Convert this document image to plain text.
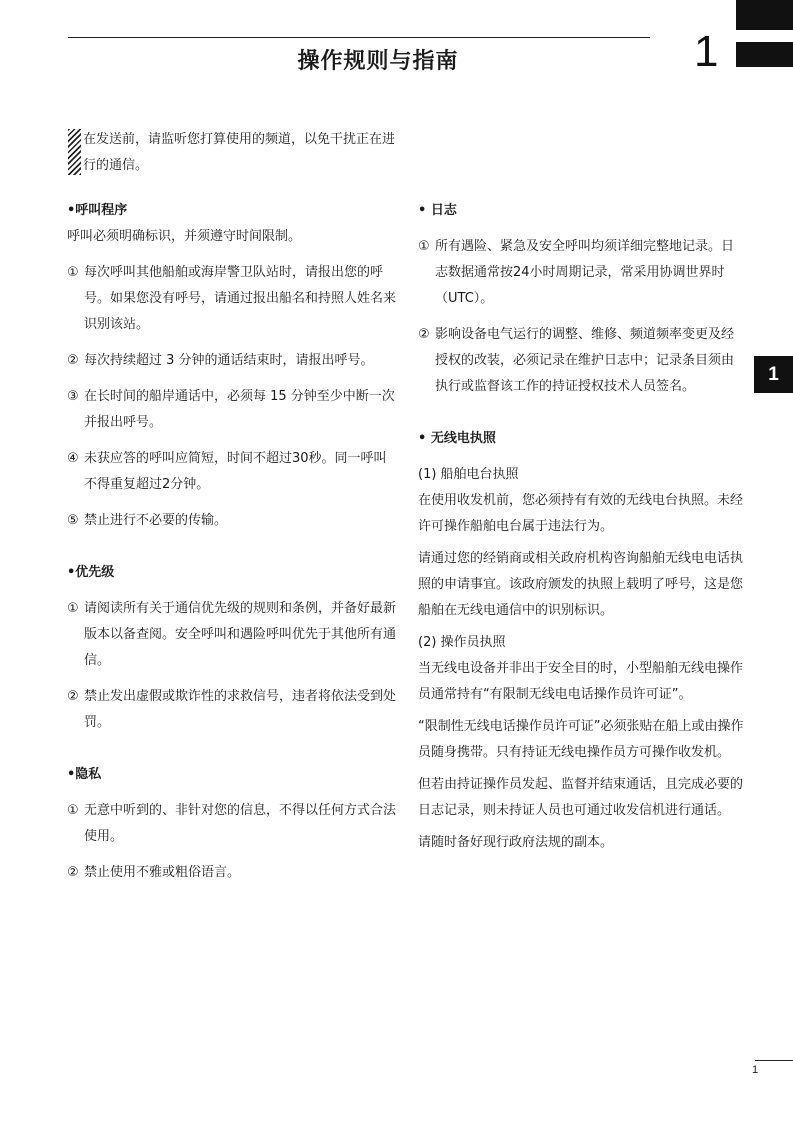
操作规则与指南	1
1
在发送前，请监听您打算使用的频道，以免干扰正在进行的通信。
•呼叫程序

呼叫必须明确标识，并须遵守时间限制。

① 每次呼叫其他船舶或海岸警卫队站时，请报出您的呼号。如果您没有呼号，请通过报出船名和持照人姓名来识别该站。
② 每次持续超过 3 分钟的通话结束时，请报出呼号。
③ 在长时间的船岸通话中，必须每 15 分钟至少中断一次并报出呼号。
④ 未获应答的呼叫应简短，时间不超过30秒。同一呼叫不得重复超过2分钟。
⑤ 禁止进行不必要的传输。
•优先级
① 请阅读所有关于通信优先级的规则和条例，并备好最新版本以备查阅。安全呼叫和遇险呼叫优先于其他所有通信。
② 禁止发出虚假或欺诈性的求救信号，违者将依法受到处罚。
•隐私
① 无意中听到的、非针对您的信息，不得以任何方式合法使用。
② 禁止使用不雅或粗俗语言。
• 日志
① 所有遇险、紧急及安全呼叫均须详细完整地记录。日志数据通常按24小时周期记录，常采用协调世界时（UTC）。
② 影响设备电气运行的调整、维修、频道频率变更及经授权的改装，必须记录在维护日志中；记录条目须由执行或监督该工作的持证授权技术人员签名。
• 无线电执照
(1) 船舶电台执照

在使用收发机前，您必须持有有效的无线电台执照。未经许可操作船舶电台属于违法行为。

请通过您的经销商或相关政府机构咨询船舶无线电电话执照的申请事宜。该政府颁发的执照上载明了呼号，这是您船舶在无线电通信中的识别标识。

(2) 操作员执照

当无线电设备并非出于安全目的时，小型船舶无线电操作员通常持有“有限制无线电电话操作员许可证”。

“限制性无线电话操作员许可证”必须张贴在船上或由操作员随身携带。只有持证无线电操作员方可操作收发机。

但若由持证操作员发起、监督并结束通话，且完成必要的日志记录，则未持证人员也可通过收发信机进行通话。

请随时备好现行政府法规的副本。

1
